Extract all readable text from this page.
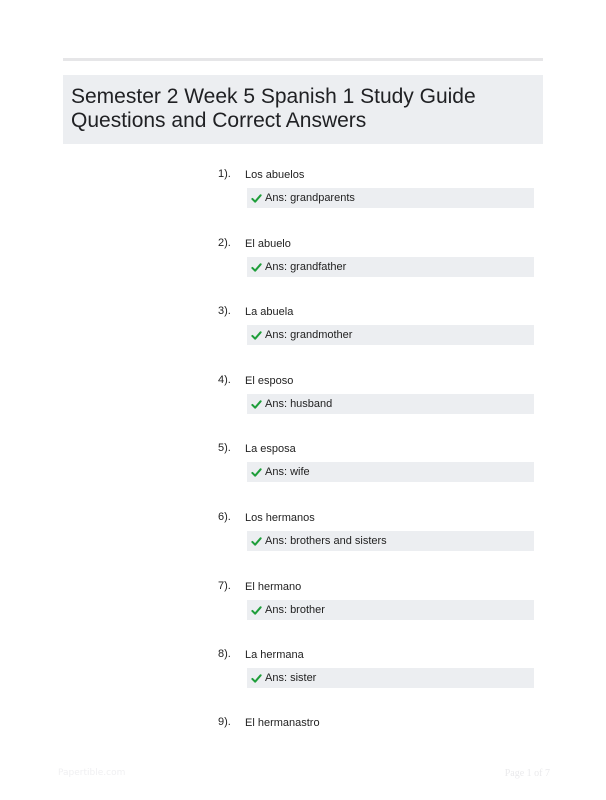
Semester 2 Week 5 Spanish 1 Study Guide
Questions and Correct Answers
1). Los abuelos
Ans: grandparents
2). El abuelo
Ans: grandfather
3). La abuela
Ans: grandmother
4). El esposo
Ans: husband
5). La esposa
Ans: wife
6). Los hermanos
Ans: brothers and sisters
7). El hermano
Ans: brother
8). La hermana
Ans: sister
9). El hermanastro
Papertible.com	Page 1 of 7
